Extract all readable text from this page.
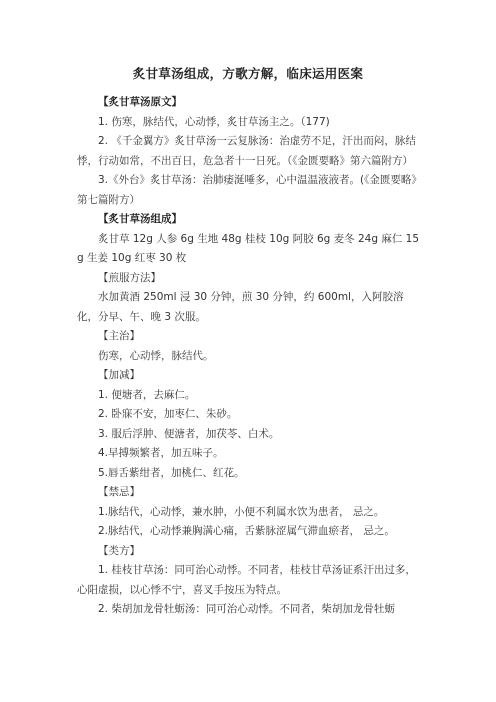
炙甘草汤组成，方歌方解，临床运用医案

【炙甘草汤原文】

1. 伤寒，脉结代，心动悸，炙甘草汤主之。（177)

2. 《千金翼方》炙甘草汤一云复脉汤：治虚劳不足，汗出而闷，脉结悸，行动如常，不出百日，危急者十一日死。（《金匮要略》第六篇附方）

3.《外台》炙甘草汤：治肺痿涎唾多，心中温温液液者。(《金匮要略》第七篇附方）

【炙甘草汤组成】

炙甘草 12g 人参 6g 生地 48g 桂枝 10g 阿胶 6g 麦冬 24g 麻仁 15g 生姜 10g 红枣 30 枚

【煎服方法】

水加黄酒 250ml 浸 30 分钟，煎 30 分钟，约 600ml，入阿胶溶化，分早、午、晚 3 次服。

【主治】

伤寒，心动悸，脉结代。

【加减】

1. 便塘者，去麻仁。

2. 卧寐不安，加枣仁、朱砂。

3. 服后浮肿、便溏者，加茯苓、白术。

4.早搏频繁者，加五味子。

5.唇舌紫绀者，加桃仁、红花。

【禁忌】

1.脉结代，心动悸，兼水肿，小便不利属水饮为患者， 忌之。

2.脉结代，心动悸兼胸满心痛，舌紫脉涩属气滞血瘀者， 忌之。

【类方】

1. 桂枝甘草汤：同可治心动悸。不同者，桂枝甘草汤证系汗出过多，心阳虚损，以心悸不宁，喜叉手按压为特点。

2. 柴胡加龙骨牡蛎汤：同可治心动悸。不同者，柴胡加龙骨牡蛎
